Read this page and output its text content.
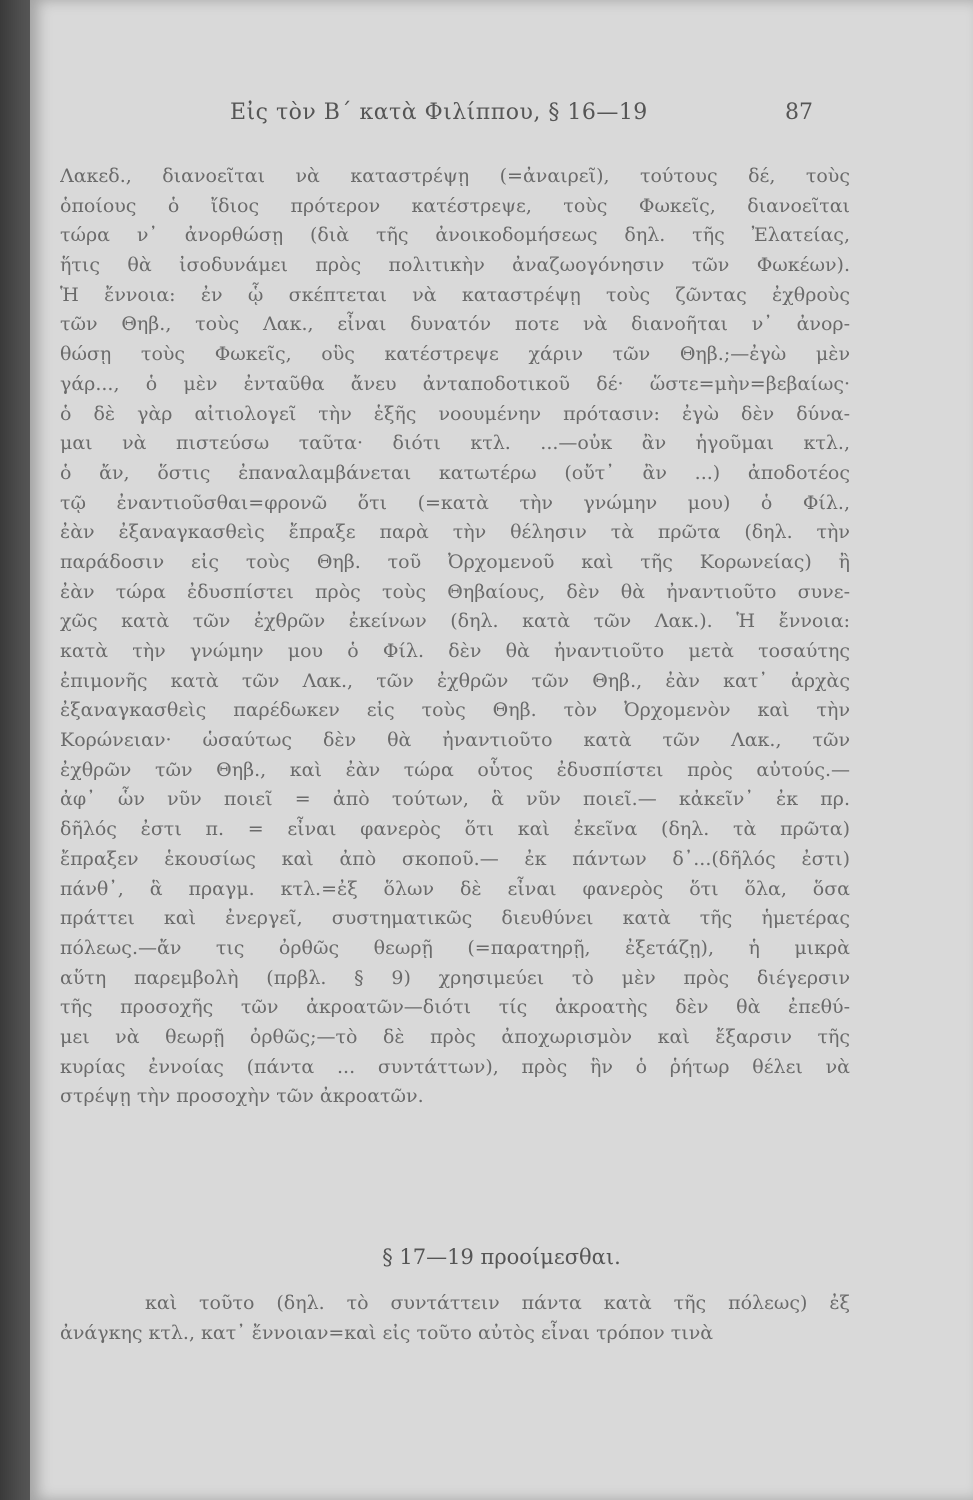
Εἰς τὸν Β΄ κατὰ Φιλίππου, § 16—19	87
Λακεδ., διανοεῖται νὰ καταστρέψῃ (=ἀναιρεῖ), τούτους δέ, τοὺς
ὁποίους ὁ ἴδιος πρότερον κατέστρεψε, τοὺς Φωκεῖς, διανοεῖται
τώρα ν᾽ ἀνορθώσῃ (διὰ τῆς ἀνοικοδομήσεως δηλ. τῆς Ἐλατείας,
ἥτις θὰ ἰσοδυνάμει πρὸς πολιτικὴν ἀναζωογόνησιν τῶν Φωκέων).
Ἡ ἔννοια: ἐν ᾧ σκέπτεται νὰ καταστρέψῃ τοὺς ζῶντας ἐχθροὺς
τῶν Θηβ., τοὺς Λακ., εἶναι δυνατόν ποτε νὰ διανοῆται ν᾽ ἀνορ-
θώσῃ τοὺς Φωκεῖς, οὓς κατέστρεψε χάριν τῶν Θηβ.;—ἐγὼ μὲν
γάρ..., ὁ μὲν ἐνταῦθα ἄνευ ἀνταποδοτικοῦ δέ· ὥστε=μὴν=βεβαίως·
ὁ δὲ γὰρ αἰτιολογεῖ τὴν ἑξῆς νοουμένην πρότασιν: ἐγὼ δὲν δύνα-
μαι νὰ πιστεύσω ταῦτα· διότι κτλ. ...—οὐκ ἂν ἡγοῦμαι κτλ.,
ὁ ἄν, ὅστις ἐπαναλαμβάνεται κατωτέρω (οὔτ᾽ ἂν ...) ἀποδοτέος
τῷ ἐναντιοῦσθαι=φρονῶ ὅτι (=κατὰ τὴν γνώμην μου) ὁ Φίλ.,
ἐὰν ἐξαναγκασθεὶς ἔπραξε παρὰ τὴν θέλησιν τὰ πρῶτα (δηλ. τὴν
παράδοσιν εἰς τοὺς Θηβ. τοῦ Ὀρχομενοῦ καὶ τῆς Κορωνείας) ἢ
ἐὰν τώρα ἐδυσπίστει πρὸς τοὺς Θηβαίους, δὲν θὰ ἠναντιοῦτο συνε-
χῶς κατὰ τῶν ἐχθρῶν ἐκείνων (δηλ. κατὰ τῶν Λακ.). Ἡ ἔννοια:
κατὰ τὴν γνώμην μου ὁ Φίλ. δὲν θὰ ἠναντιοῦτο μετὰ τοσαύτης
ἐπιμονῆς κατὰ τῶν Λακ., τῶν ἐχθρῶν τῶν Θηβ., ἐὰν κατ᾽ ἀρχὰς
ἐξαναγκασθεὶς παρέδωκεν εἰς τοὺς Θηβ. τὸν Ὀρχομενὸν καὶ τὴν
Κορώνειαν· ὡσαύτως δὲν θὰ ἠναντιοῦτο κατὰ τῶν Λακ., τῶν
ἐχθρῶν τῶν Θηβ., καὶ ἐὰν τώρα οὗτος ἐδυσπίστει πρὸς αὐτούς.—
ἀφ᾽ ὧν νῦν ποιεῖ = ἀπὸ τούτων, ἃ νῦν ποιεῖ.— κἀκεῖν᾽ ἐκ πρ.
δῆλός ἐστι π. = εἶναι φανερὸς ὅτι καὶ ἐκεῖνα (δηλ. τὰ πρῶτα)
ἔπραξεν ἑκουσίως καὶ ἀπὸ σκοποῦ.— ἐκ πάντων δ᾽...(δῆλός ἐστι)
πάνθ᾽, ἃ πραγμ. κτλ.=ἐξ ὅλων δὲ εἶναι φανερὸς ὅτι ὅλα, ὅσα
πράττει καὶ ἐνεργεῖ, συστηματικῶς διευθύνει κατὰ τῆς ἡμετέρας
πόλεως.—ἄν τις ὀρθῶς θεωρῇ (=παρατηρῇ, ἐξετάζῃ), ἡ μικρὰ
αὕτη παρεμβολὴ (πρβλ. § 9) χρησιμεύει τὸ μὲν πρὸς διέγερσιν
τῆς προσοχῆς τῶν ἀκροατῶν—διότι τίς ἀκροατὴς δὲν θὰ ἐπεθύ-
μει νὰ θεωρῇ ὀρθῶς;—τὸ δὲ πρὸς ἀποχωρισμὸν καὶ ἔξαρσιν τῆς
κυρίας ἐννοίας (πάντα ... συντάττων), πρὸς ἣν ὁ ῥήτωρ θέλει νὰ
στρέψῃ τὴν προσοχὴν τῶν ἀκροατῶν.
§ 17—19 προοίμεσθαι.
καὶ τοῦτο (δηλ. τὸ συντάττειν πάντα κατὰ τῆς πόλεως) ἐξ
ἀνάγκης κτλ., κατ᾽ ἔννοιαν=καὶ εἰς τοῦτο αὐτὸς εἶναι τρόπον τινὰ
